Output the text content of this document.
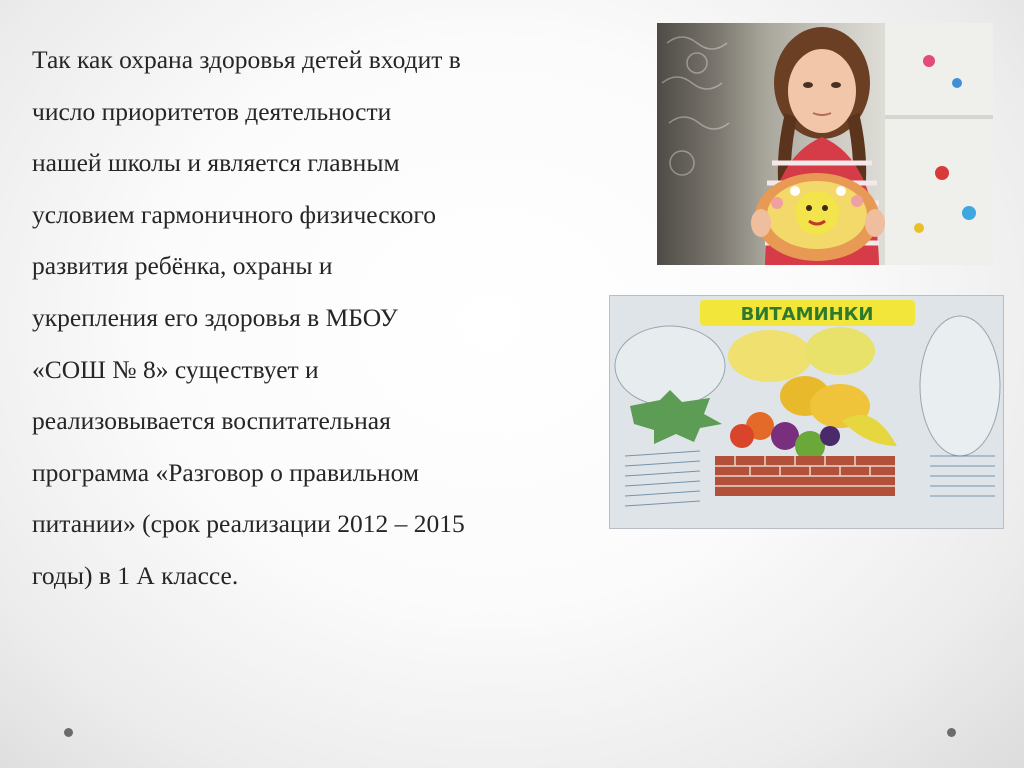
Так как охрана здоровья детей входит в

число приоритетов деятельности

нашей школы и является главным

условием гармоничного физического

развития ребёнка, охраны и

укрепления его здоровья в МБОУ

«СОШ № 8» существует и

реализовывается воспитательная

программа «Разговор о правильном

питании» (срок реализации 2012 – 2015

годы) в 1 А классе.

ВИТАМИНКИ
